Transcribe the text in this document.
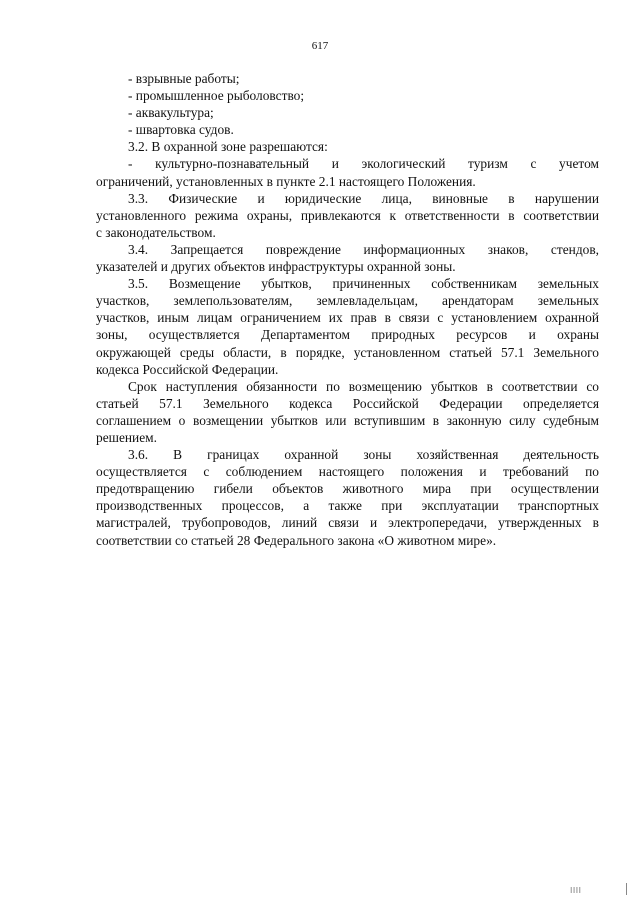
617
- взрывные работы;
- промышленное рыболовство;
- аквакультура;
- швартовка судов.
3.2. В охранной зоне разрешаются:
- культурно-познавательный и экологический туризм с учетом
ограничений, установленных в пункте 2.1 настоящего Положения.
3.3. Физические и юридические лица, виновные в нарушении
установленного режима охраны, привлекаются к ответственности в соответствии
с законодательством.
3.4. Запрещается повреждение информационных знаков, стендов,
указателей и других объектов инфраструктуры охранной зоны.
3.5. Возмещение убытков, причиненных собственникам земельных
участков, землепользователям, землевладельцам, арендаторам земельных
участков, иным лицам ограничением их прав в связи с установлением охранной
зоны, осуществляется Департаментом природных ресурсов и охраны
окружающей среды области, в порядке, установленном статьей 57.1 Земельного
кодекса Российской Федерации.
Срок наступления обязанности по возмещению убытков в соответствии со
статьей 57.1 Земельного кодекса Российской Федерации определяется
соглашением о возмещении убытков или вступившим в законную силу судебным
решением.
3.6. В границах охранной зоны хозяйственная деятельность
осуществляется с соблюдением настоящего положения и требований по
предотвращению гибели объектов животного мира при осуществлении
производственных процессов, а также при эксплуатации транспортных
магистралей, трубопроводов, линий связи и электропередачи, утвержденных в
соответствии со статьей 28 Федерального закона «О животном мире».
IIII
